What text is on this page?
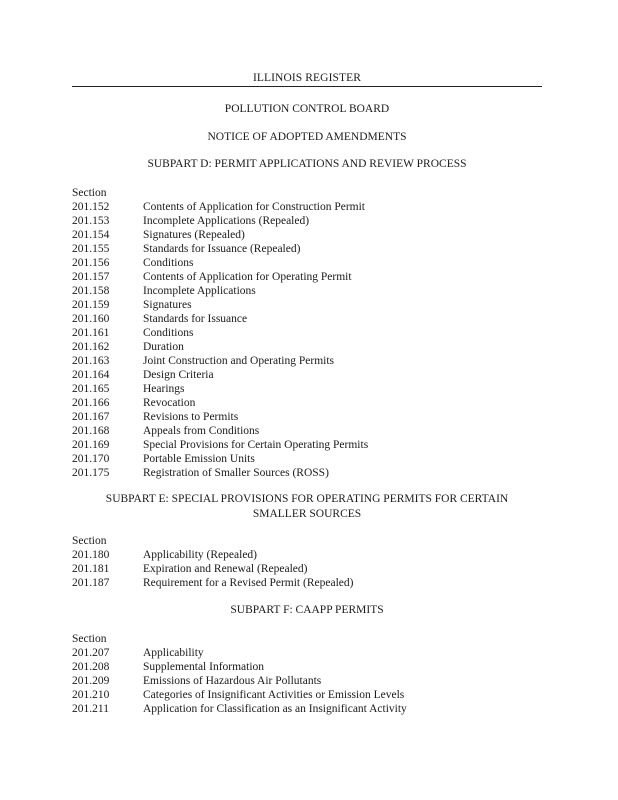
ILLINOIS REGISTER
POLLUTION CONTROL BOARD
NOTICE OF ADOPTED AMENDMENTS
SUBPART D: PERMIT APPLICATIONS AND REVIEW PROCESS
Section
201.152	Contents of Application for Construction Permit
201.153	Incomplete Applications (Repealed)
201.154	Signatures (Repealed)
201.155	Standards for Issuance (Repealed)
201.156	Conditions
201.157	Contents of Application for Operating Permit
201.158	Incomplete Applications
201.159	Signatures
201.160	Standards for Issuance
201.161	Conditions
201.162	Duration
201.163	Joint Construction and Operating Permits
201.164	Design Criteria
201.165	Hearings
201.166	Revocation
201.167	Revisions to Permits
201.168	Appeals from Conditions
201.169	Special Provisions for Certain Operating Permits
201.170	Portable Emission Units
201.175	Registration of Smaller Sources (ROSS)
SUBPART E: SPECIAL PROVISIONS FOR OPERATING PERMITS FOR CERTAIN
SMALLER SOURCES
Section
201.180	Applicability (Repealed)
201.181	Expiration and Renewal (Repealed)
201.187	Requirement for a Revised Permit (Repealed)
SUBPART F: CAAPP PERMITS
Section
201.207	Applicability
201.208	Supplemental Information
201.209	Emissions of Hazardous Air Pollutants
201.210	Categories of Insignificant Activities or Emission Levels
201.211	Application for Classification as an Insignificant Activity
